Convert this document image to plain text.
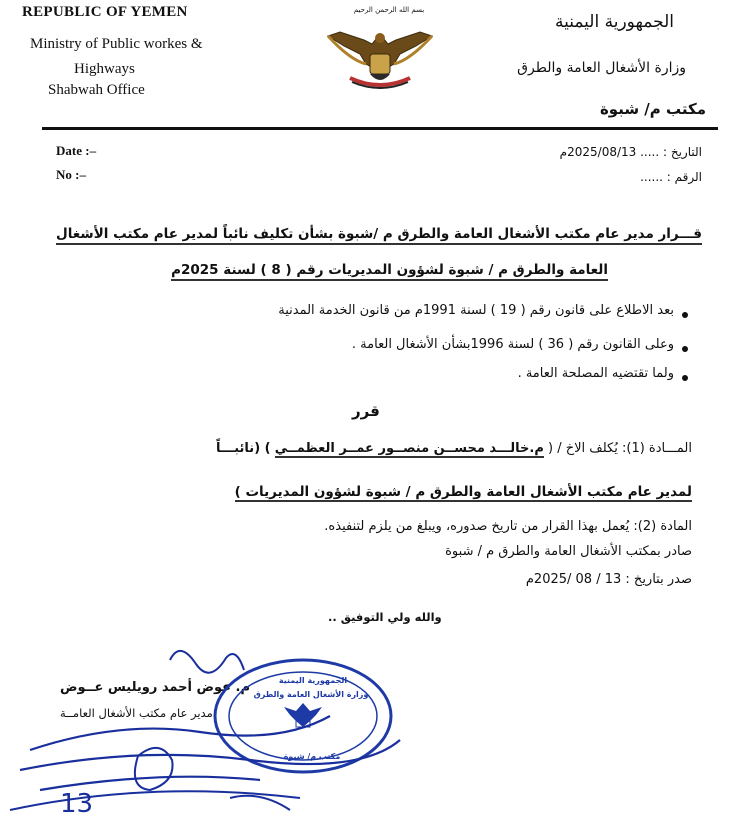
REPUBLIC OF YEMEN
Ministry of Public workes &
Highways
Shabwah Office
بسم الله الرحمن الرحيم
الجمهورية اليمنية
وزارة الأشغال العامة والطرق
مكتب م/ شبوة
Date :–
No :–
التاريخ : ..... 2025/08/13م
الرقم : ......
قـــرار مدير عام مكتب الأشغال العامة والطرق م /شبوة بشأن تكليف نائباً لمدير عام مكتب الأشغال
العامة والطرق م / شبوة لشؤون المديريات رقم ( 8 ) لسنة 2025م
بعد الاطلاع على قانون رقم ( 19 ) لسنة 1991م من قانون الخدمة المدنية
وعلى القانون رقم ( 36 ) لسنة 1996بشأن الأشغال العامة .
ولما تقتضيه المصلحة العامة .
قرر
المـــادة (1): يُكلف الاخ / ( م.خالـــد محســن منصــور عمــر العظمــي ) (نائبـــاً
لمدير عام مكتب الأشغال العامة والطرق م / شبوة لشؤون المديريات )
المادة (2): يُعمل بهذا القرار من تاريخ صدوره، ويبلغ من يلزم لتنفيذه.
صادر بمكتب الأشغال العامة والطرق م / شبوة
صدر بتاريخ : 13 / 08 /2025م
والله ولي التوفيق ..
م. عوض أحمد رويليس عــوض
مدير عام مكتب الأشغال العامــة
الجمهورية اليمنية
وزارة الأشغال العامة والطرق
مكتب م/ شبوة
13
